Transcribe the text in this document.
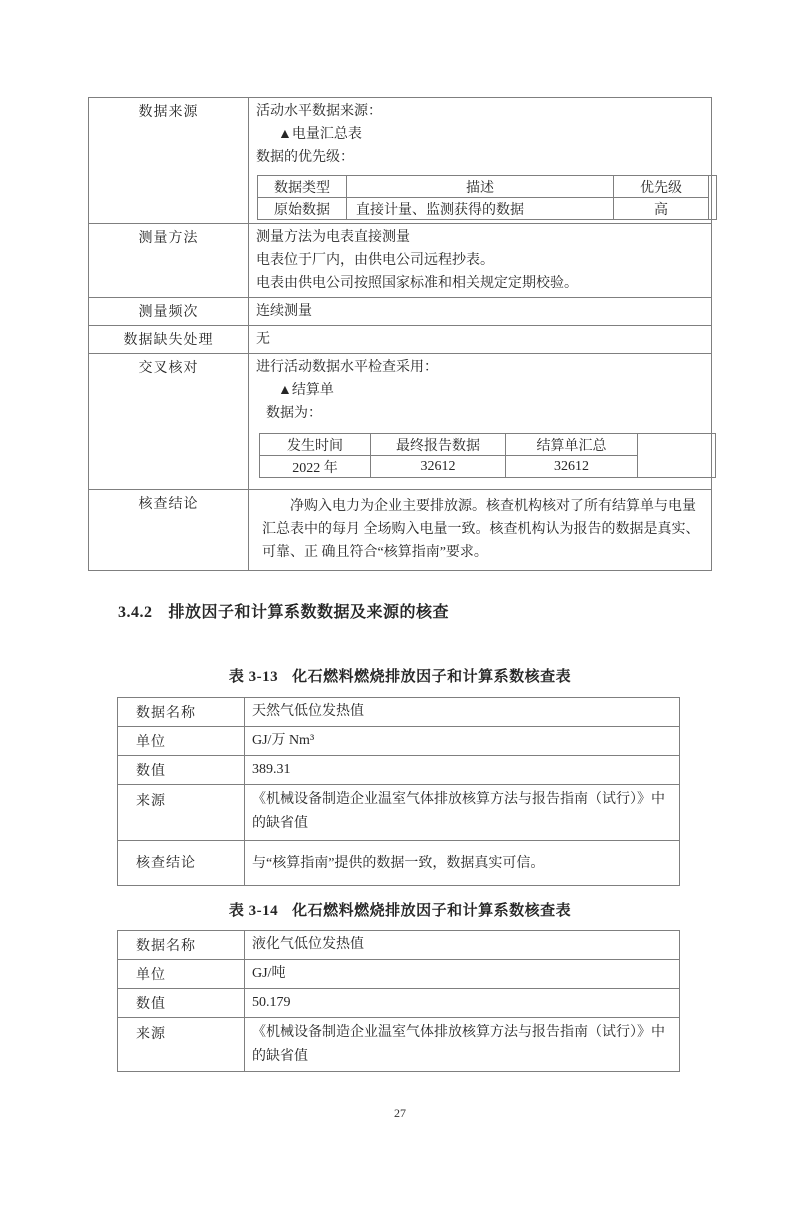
数据来源	活动水平数据来源：
▲电量汇总表
数据的优先级：
数据类型	描述	优先级	
原始数据	直接计量、监测获得的数据	高

测量方法	测量方法为电表直接测量
电表位于厂内，由供电公司远程抄表。
电表由供电公司按照国家标准和相关规定定期校验。

测量频次	连续测量

数据缺失处理	无

交叉核对	进行活动数据水平检查采用：
▲结算单
数据为：
发生时间	最终报告数据	结算单汇总	
2022 年	32612	32612

核查结论	净购入电力为企业主要排放源。核查机构核对了所有结算单与电量汇总表中的每月 全场购入电量一致。核查机构认为报告的数据是真实、可靠、正 确且符合“核算指南”要求。
3.4.2 排放因子和计算系数数据及来源的核查
表 3-13 化石燃料燃烧排放因子和计算系数核查表
数据名称	天然气低位发热值
单位	GJ/万 Nm³
数值	389.31
来源	《机械设备制造企业温室气体排放核算方法与报告指南（试行）》中的缺省值
核查结论	与“核算指南”提供的数据一致，数据真实可信。
表 3-14 化石燃料燃烧排放因子和计算系数核查表
数据名称	液化气低位发热值
单位	GJ/吨
数值	50.179
来源	《机械设备制造企业温室气体排放核算方法与报告指南（试行）》中的缺省值
27
